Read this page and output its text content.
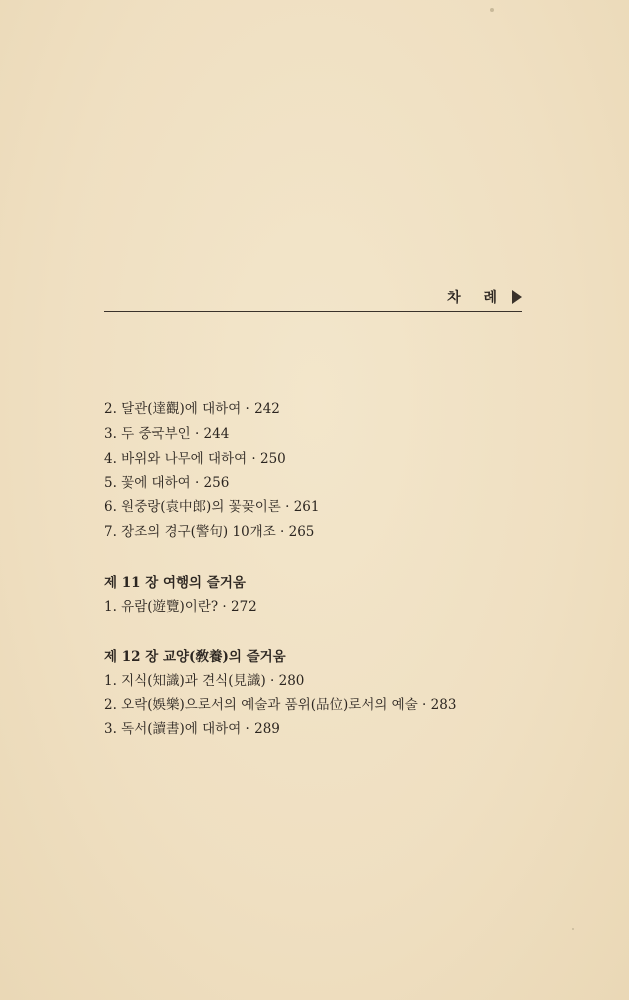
차 례
2. 달관(達觀)에 대하여 · 242
3. 두 중국부인 · 244
4. 바위와 나무에 대하여 · 250
5. 꽃에 대하여 · 256
6. 원중랑(袁中郎)의 꽃꽂이론 · 261
7. 장조의 경구(警句) 10개조 · 265
제 11 장 여행의 즐거움
1. 유람(遊覽)이란? · 272
제 12 장 교양(敎養)의 즐거움
1. 지식(知識)과 견식(見識) · 280
2. 오락(娛樂)으로서의 예술과 품위(品位)로서의 예술 · 283
3. 독서(讀書)에 대하여 · 289
